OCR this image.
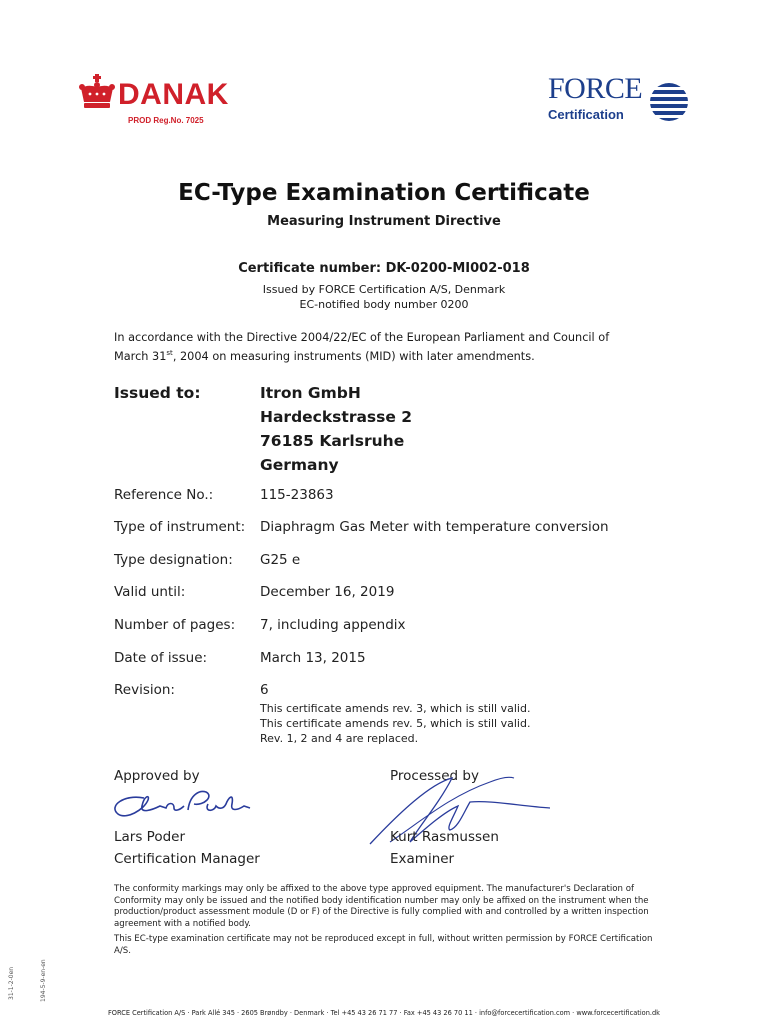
DANAK
PROD Reg.No. 7025
FORCE
Certification
EC-Type Examination Certificate
Measuring Instrument Directive
Certificate number: DK-0200-MI002-018
Issued by FORCE Certification A/S, Denmark
EC-notified body number 0200
In accordance with the Directive 2004/22/EC of the European Parliament and Council of
March 31st, 2004 on measuring instruments (MID) with later amendments.
Issued to:	Itron GmbH
Hardeckstrasse 2
76185 Karlsruhe
Germany
Reference No.:	115-23863
Type of instrument: Diaphragm Gas Meter with temperature conversion
Type designation: G25 e
Valid until:	December 16, 2019
Number of pages: 7, including appendix
Date of issue:	March 13, 2015
Revision:	6
This certificate amends rev. 3, which is still valid.
This certificate amends rev. 5, which is still valid.
Rev. 1, 2 and 4 are replaced.
Approved by
Lars Poder
Certification Manager
Processed by
Kurt Rasmussen
Examiner

The conformity markings may only be affixed to the above type approved equipment. The manufacturer's Declaration of Conformity may only be issued and the notified body identification number may only be affixed on the instrument when the production/product assessment module (D or F) of the Directive is fully complied with and controlled by a written inspection agreement with a notified body.

This EC-type examination certificate may not be reproduced except in full, without written permission by FORCE Certification A/S.

194-5-9-en-en
31-1-2-0en
FORCE Certification A/S · Park Allé 345 · 2605 Brøndby · Denmark · Tel +45 43 26 71 77 · Fax +45 43 26 70 11 · info@forcecertification.com · www.forcecertification.dk
